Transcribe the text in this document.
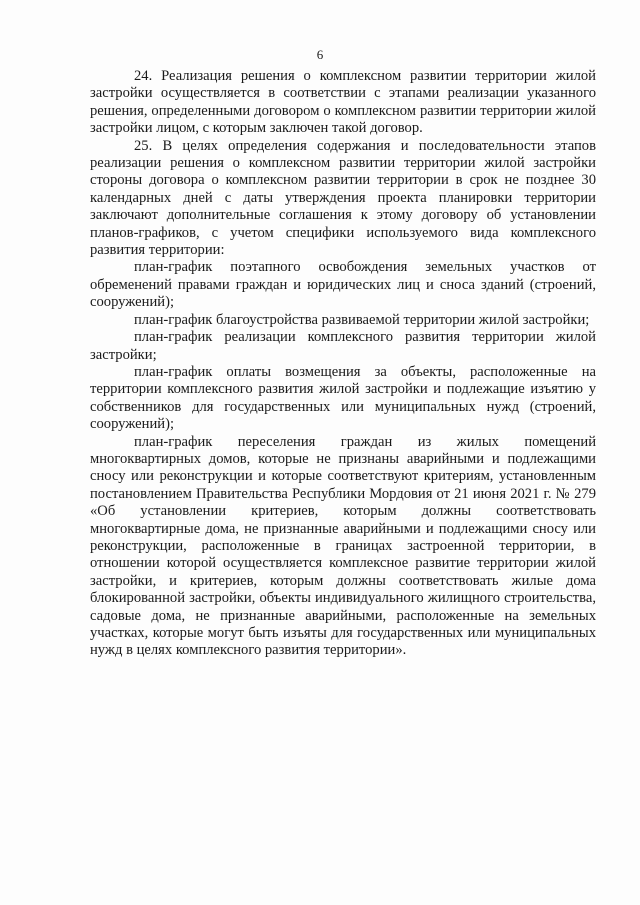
6

24. Реализация решения о комплексном развитии территории жилой застройки осуществляется в соответствии с этапами реализации указанного решения, определенными договором о комплексном развитии территории жилой застройки лицом, с которым заключен такой договор.

25. В целях определения содержания и последовательности этапов реализации решения о комплексном развитии территории жилой застройки стороны договора о комплексном развитии территории в срок не позднее 30 календарных дней с даты утверждения проекта планировки территории заключают дополнительные соглашения к этому договору об установлении планов-графиков, с учетом специфики используемого вида комплексного развития территории:

план-график поэтапного освобождения земельных участков от обременений правами граждан и юридических лиц и сноса зданий (строений, сооружений);

план-график благоустройства развиваемой территории жилой застройки;

план-график реализации комплексного развития территории жилой застройки;

план-график оплаты возмещения за объекты, расположенные на территории комплексного развития жилой застройки и подлежащие изъятию у собственников для государственных или муниципальных нужд (строений, сооружений);

план-график переселения граждан из жилых помещений многоквартирных домов, которые не признаны аварийными и подлежащими сносу или реконструкции и которые соответствуют критериям, установленным постановлением Правительства Республики Мордовия от 21 июня 2021 г. № 279 «Об установлении критериев, которым должны соответствовать многоквартирные дома, не признанные аварийными и подлежащими сносу или реконструкции, расположенные в границах застроенной территории, в отношении которой осуществляется комплексное развитие территории жилой застройки, и критериев, которым должны соответствовать жилые дома блокированной застройки, объекты индивидуального жилищного строительства, садовые дома, не признанные аварийными, расположенные на земельных участках, которые могут быть изъяты для государственных или муниципальных нужд в целях комплексного развития территории».
